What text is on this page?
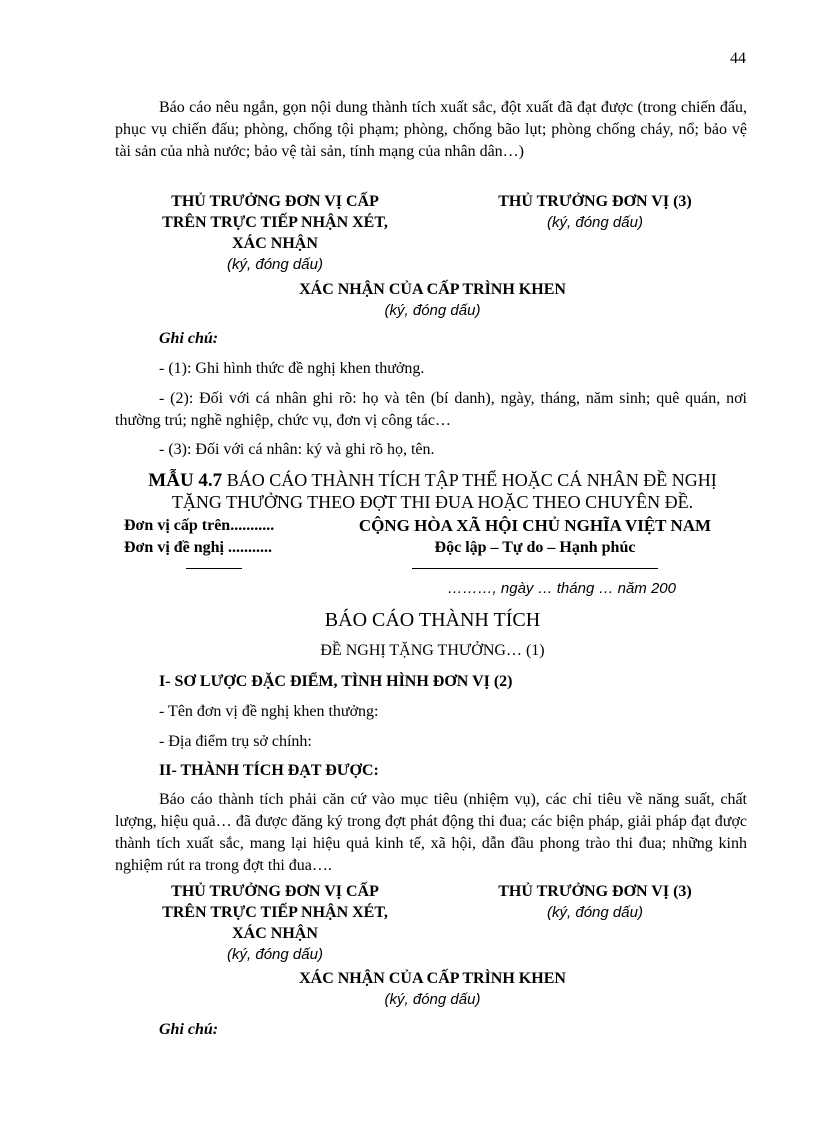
44
Báo cáo nêu ngắn, gọn nội dung thành tích xuất sắc, đột xuất đã đạt được (trong chiến đấu, phục vụ chiến đấu; phòng, chống tội phạm; phòng, chống bão lụt; phòng chống cháy, nổ; bảo vệ tài sản của nhà nước; bảo vệ tài sản, tính mạng của nhân dân…)
THỦ TRƯỞNG ĐƠN VỊ CẤP
TRÊN TRỰC TIẾP NHẬN XÉT,
XÁC NHẬN
(ký, đóng dấu)
THỦ TRƯỞNG ĐƠN VỊ (3)
(ký, đóng dấu)
XÁC NHẬN CỦA CẤP TRÌNH KHEN
(ký, đóng dấu)
Ghi chú:
- (1): Ghi hình thức đề nghị khen thưởng.
- (2): Đối với cá nhân ghi rõ: họ và tên (bí danh), ngày, tháng, năm sinh; quê quán, nơi thường trú; nghề nghiệp, chức vụ, đơn vị công tác…
- (3): Đối với cá nhân: ký và ghi rõ họ, tên.
MẪU 4.7 BÁO CÁO THÀNH TÍCH TẬP THỂ HOẶC CÁ NHÂN ĐỀ NGHỊ
TẶNG THƯỞNG THEO ĐỢT THI ĐUA HOẶC THEO CHUYÊN ĐỀ.
Đơn vị cấp trên...........
Đơn vị đề nghị ...........
CỘNG HÒA XÃ HỘI CHỦ NGHĨA VIỆT NAM
Độc lập – Tự do – Hạnh phúc
………, ngày … tháng … năm 200
BÁO CÁO THÀNH TÍCH
ĐỀ NGHỊ TẶNG THƯỞNG… (1)
I- SƠ LƯỢC ĐẶC ĐIỂM, TÌNH HÌNH ĐƠN VỊ (2)
- Tên đơn vị đề nghị khen thưởng:
- Địa điểm trụ sở chính:
II- THÀNH TÍCH ĐẠT ĐƯỢC:
Báo cáo thành tích phải căn cứ vào mục tiêu (nhiệm vụ), các chỉ tiêu về năng suất, chất lượng, hiệu quả… đã được đăng ký trong đợt phát động thi đua; các biện pháp, giải pháp đạt được thành tích xuất sắc, mang lại hiệu quả kinh tế, xã hội, dẫn đầu phong trào thi đua; những kinh nghiệm rút ra trong đợt thi đua….
THỦ TRƯỞNG ĐƠN VỊ CẤP
TRÊN TRỰC TIẾP NHẬN XÉT,
XÁC NHẬN
(ký, đóng dấu)
THỦ TRƯỞNG ĐƠN VỊ (3)
(ký, đóng dấu)
XÁC NHẬN CỦA CẤP TRÌNH KHEN
(ký, đóng dấu)
Ghi chú:
